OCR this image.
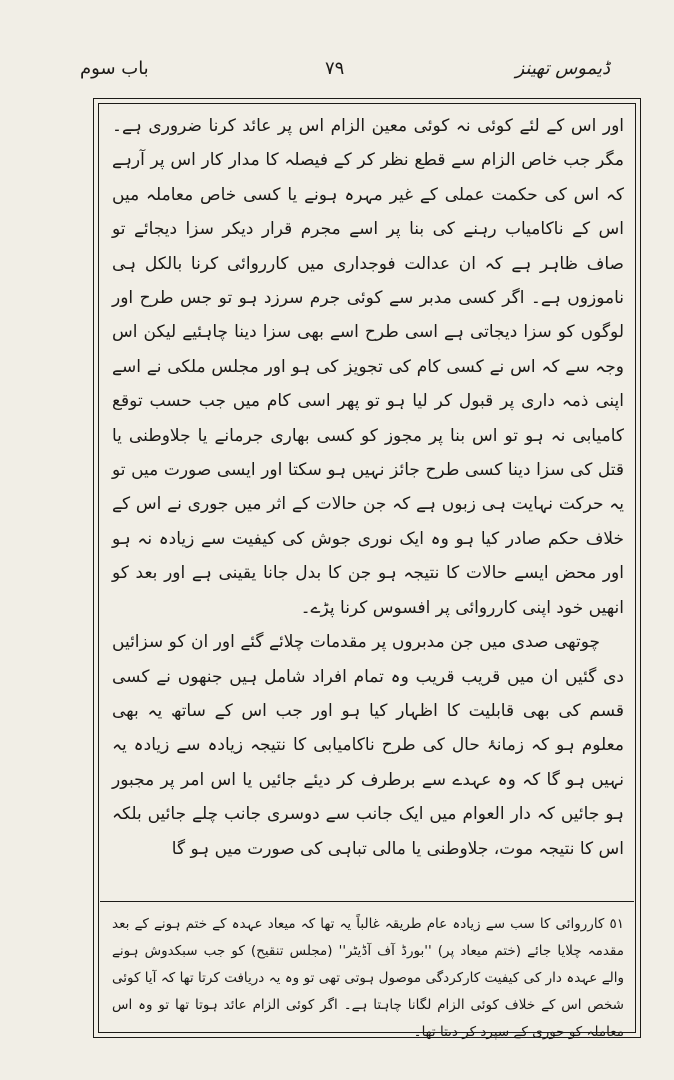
باب سوم	٧٩	ڈیموس تھینز

اور اس کے لئے کوئی نہ کوئی معین الزام اس پر عائد کرنا ضروری ہے۔ مگر جب خاص الزام سے قطع نظر کر کے فیصلہ کا مدار کار اس پر آرہے کہ اس کی حکمت عملی کے غیر مہرہ ہونے یا کسی خاص معاملہ میں اس کے ناکامیاب رہنے کی بنا پر اسے مجرم قرار دیکر سزا دیجائے تو صاف ظاہر ہے کہ ان عدالت فوجداری میں کارروائی کرنا بالکل ہی ناموزوں ہے۔ اگر کسی مدبر سے کوئی جرم سرزد ہو تو جس طرح اور لوگوں کو سزا دیجاتی ہے اسی طرح اسے بھی سزا دینا چاہئیے لیکن اس وجہ سے کہ اس نے کسی کام کی تجویز کی ہو اور مجلس ملکی نے اسے اپنی ذمہ داری پر قبول کر لیا ہو تو پھر اسی کام میں جب حسب توقع کامیابی نہ ہو تو اس بنا پر مجوز کو کسی بھاری جرمانے یا جلاوطنی یا قتل کی سزا دینا کسی طرح جائز نہیں ہو سکتا اور ایسی صورت میں تو یہ حرکت نہایت ہی زبوں ہے کہ جن حالات کے اثر میں جوری نے اس کے خلاف حکم صادر کیا ہو وہ ایک نوری جوش کی کیفیت سے زیادہ نہ ہو اور محض ایسے حالات کا نتیجہ ہو جن کا بدل جانا یقینی ہے اور بعد کو انھیں خود اپنی کارروائی پر افسوس کرنا پڑے۔

چوتھی صدی میں جن مدبروں پر مقدمات چلائے گئے اور ان کو سزائیں دی گئیں ان میں قریب قریب وہ تمام افراد شامل ہیں جنھوں نے کسی قسم کی بھی قابلیت کا اظہار کیا ہو اور جب اس کے ساتھ یہ بھی معلوم ہو کہ زمانۂ حال کی طرح ناکامیابی کا نتیجہ زیادہ سے زیادہ یہ نہیں ہو گا کہ وہ عہدے سے برطرف کر دیئے جائیں یا اس امر پر مجبور ہو جائیں کہ دار العوام میں ایک جانب سے دوسری جانب چلے جائیں بلکہ اس کا نتیجہ موت، جلاوطنی یا مالی تباہی کی صورت میں ہو گا

٥١ کارروائی کا سب سے زیادہ عام طریقہ غالباً یہ تھا کہ میعاد عہدہ کے ختم ہونے کے بعد مقدمہ چلایا جائے (ختم میعاد پر) ''بورڈ آف آڈیٹر'' (مجلس تنقیح) کو جب سبکدوش ہونے والے عہدہ دار کی کیفیت کارکردگی موصول ہوتی تھی تو وہ یہ دریافت کرتا تھا کہ آیا کوئی شخص اس کے خلاف کوئی الزام لگانا چاہتا ہے۔ اگر کوئی الزام عائد ہوتا تھا تو وہ اس معاملہ کو جوری کے سپرد کر دیتا تھا۔
